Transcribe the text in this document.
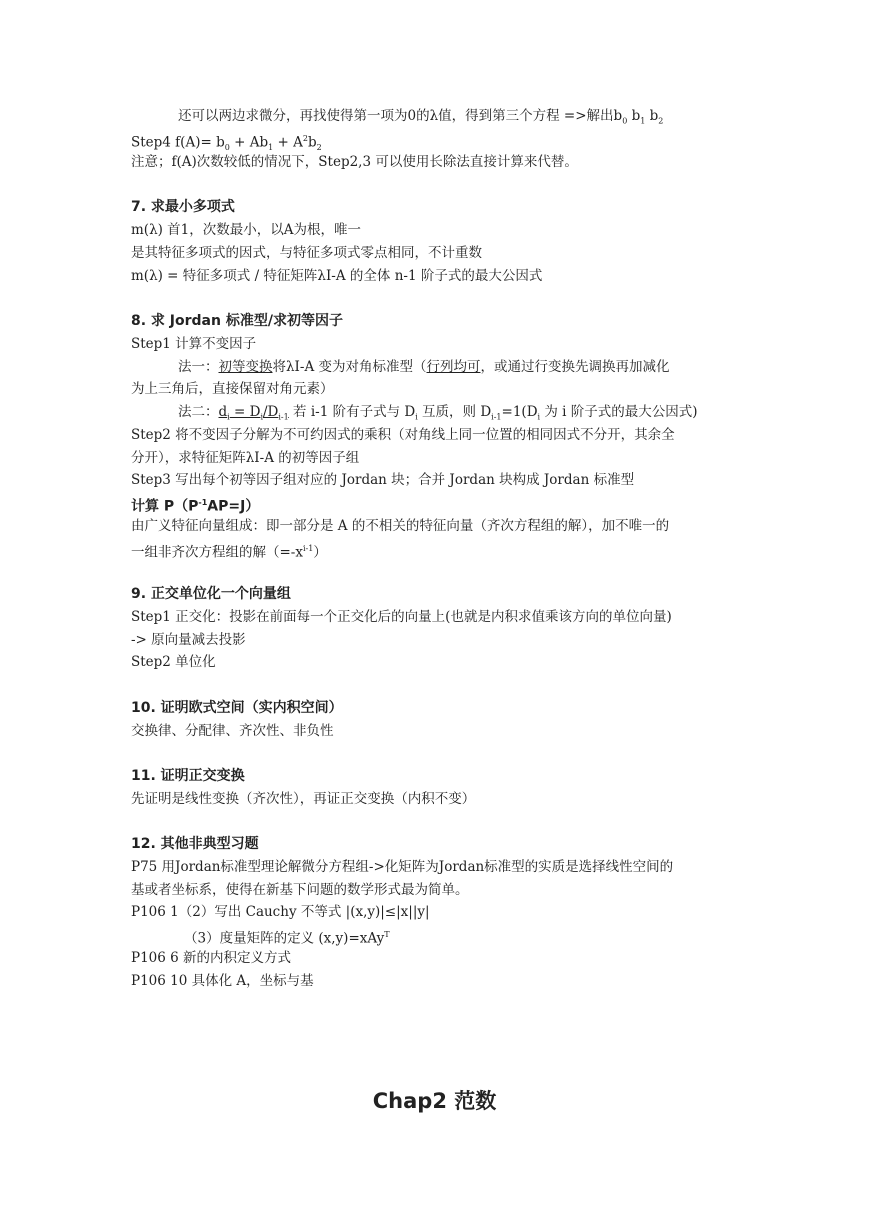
还可以两边求微分，再找使得第一项为0的λ值，得到第三个方程 =>解出$b_0$ $b_1$ $b_2$
Step4 $f(A)= b_0 + Ab_1 + A^2b_2$
注意；f(A)次数较低的情况下，Step2,3 可以使用长除法直接计算来代替。
7. 求最小多项式
m(λ) 首1，次数最小，以A为根，唯一
是其特征多项式的因式，与特征多项式零点相同，不计重数
m(λ) = 特征多项式 / 特征矩阵λI-A 的全体 n-1 阶子式的最大公因式
8. 求 Jordan 标准型/求初等因子
Step1 计算不变因子
法一：初等变换将λI-A 变为对角标准型（行列均可，或通过行变换先调换再加减化
为上三角后，直接保留对角元素）
法二：$d_i = D_i/D_{i-1}$ 若 i-1 阶有子式与 $D_i$ 互质，则 $D_{i-1}=1(D_i$ 为 i 阶子式的最大公因式)
Step2 将不变因子分解为不可约因式的乘积（对角线上同一位置的相同因式不分开，其余全
分开），求特征矩阵λI-A 的初等因子组
Step3 写出每个初等因子组对应的 Jordan 块；合并 Jordan 块构成 Jordan 标准型
计算 $P(P^{-1}AP=J)$
由广义特征向量组成：即一部分是 A 的不相关的特征向量（齐次方程组的解），加不唯一的
一组非齐次方程组的解$(=-x^{i-1})$
9. 正交单位化一个向量组
Step1 正交化：投影在前面每一个正交化后的向量上(也就是内积求值乘该方向的单位向量)
-> 原向量减去投影
Step2 单位化
10. 证明欧式空间（实内积空间）
交换律、分配律、齐次性、非负性
11. 证明正交变换
先证明是线性变换（齐次性），再证正交变换（内积不变）
12. 其他非典型习题
P75 用Jordan标准型理论解微分方程组->化矩阵为Jordan标准型的实质是选择线性空间的
基或者坐标系，使得在新基下问题的数学形式最为简单。
P106 1（2）写出 Cauchy 不等式 |(x,y)|≤|x||y|
（3）度量矩阵的定义 (x,y)=xAy$^T$
P106 6 新的内积定义方式
P106 10 具体化 A，坐标与基
Chap2 范数
